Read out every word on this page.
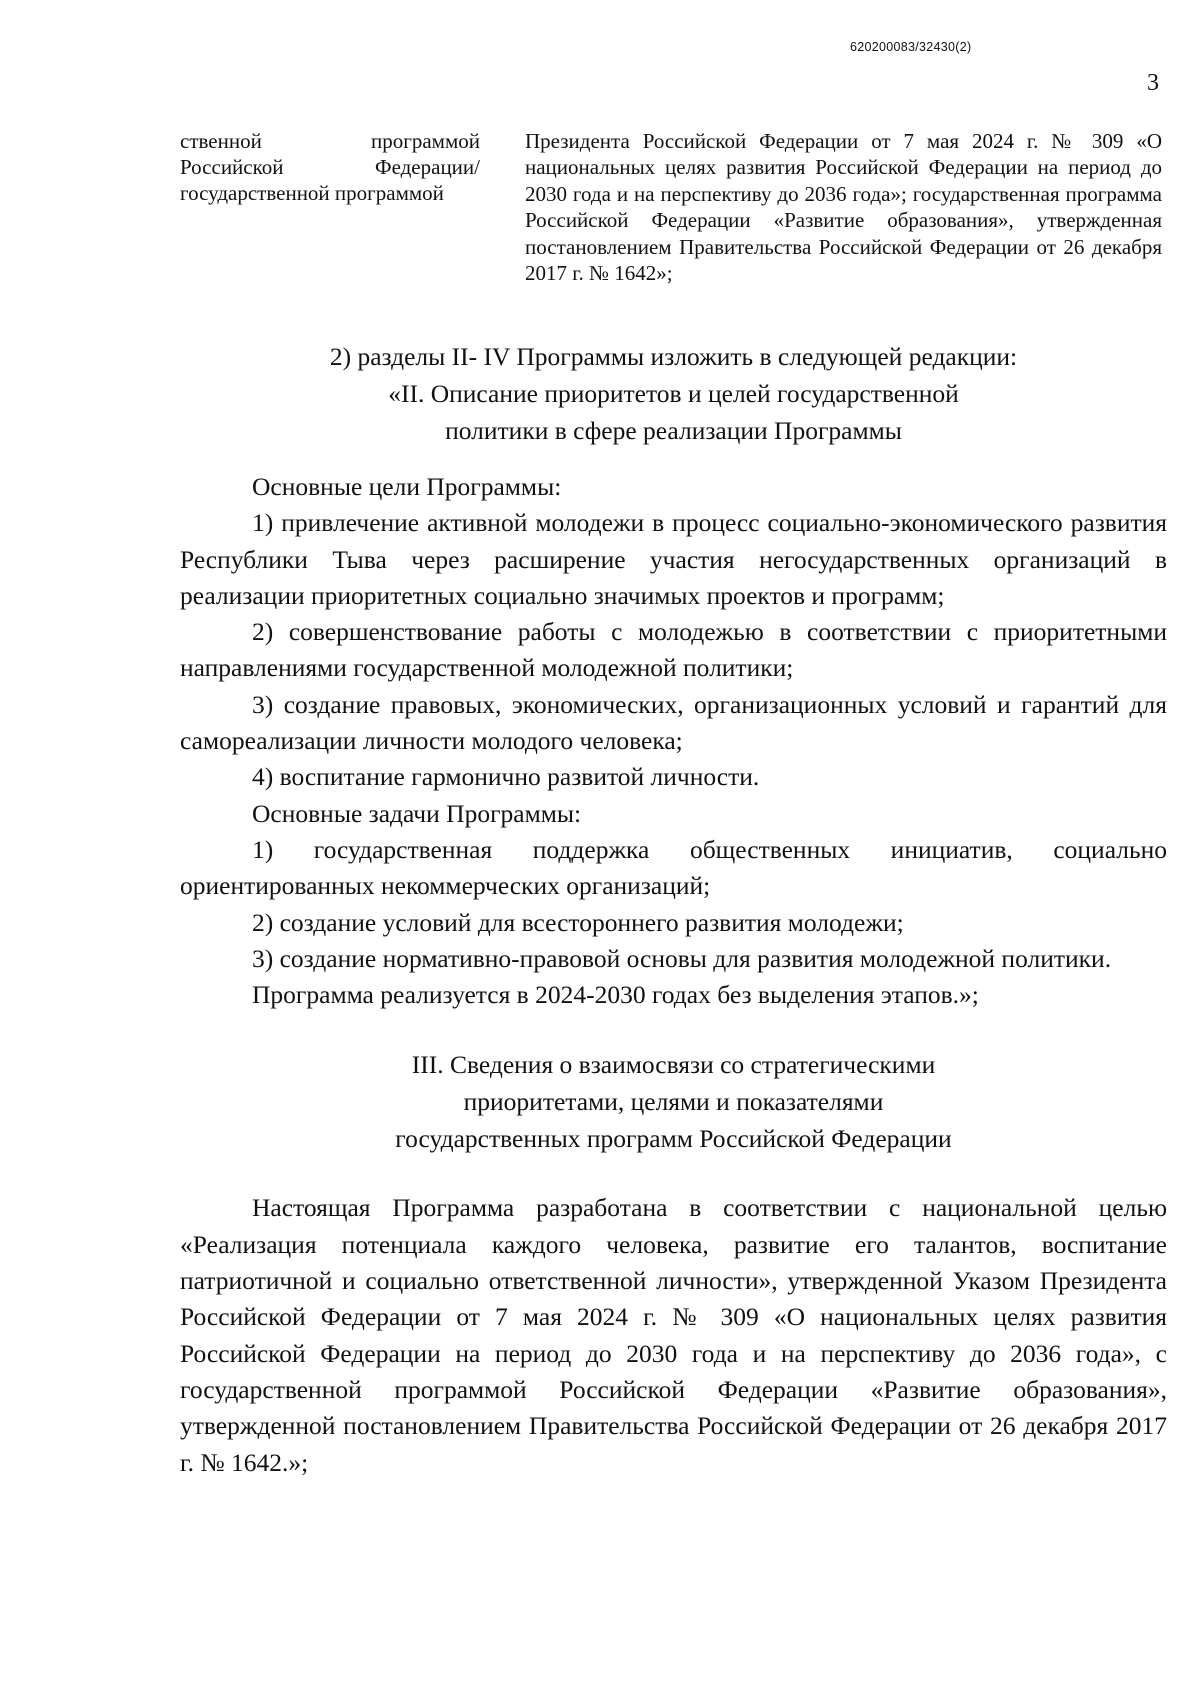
620200083/32430(2)
3
ственной программой Российской Федерации/ государственной программой
Президента Российской Федерации от 7 мая 2024 г. № 309 «О национальных целях развития Российской Федерации на период до 2030 года и на перспективу до 2036 года»; государственная программа Российской Федерации «Развитие образования», утвержденная постановлением Правительства Российской Федерации от 26 декабря 2017 г. № 1642»;

2) разделы II- IV Программы изложить в следующей редакции:

«II. Описание приоритетов и целей государственной

политики в сфере реализации Программы

Основные цели Программы:

1) привлечение активной молодежи в процесс социально-экономического развития Республики Тыва через расширение участия негосударственных организаций в реализации приоритетных социально значимых проектов и программ;

2) совершенствование работы с молодежью в соответствии с приоритетными направлениями государственной молодежной политики;

3) создание правовых, экономических, организационных условий и гарантий для самореализации личности молодого человека;

4) воспитание гармонично развитой личности.

Основные задачи Программы:

1) государственная поддержка общественных инициатив, социально ориентированных некоммерческих организаций;

2) создание условий для всестороннего развития молодежи;

3) создание нормативно-правовой основы для развития молодежной политики.

Программа реализуется в 2024-2030 годах без выделения этапов.»;

III. Сведения о взаимосвязи со стратегическими

приоритетами, целями и показателями

государственных программ Российской Федерации

Настоящая Программа разработана в соответствии с национальной целью «Реализация потенциала каждого человека, развитие его талантов, воспитание патриотичной и социально ответственной личности», утвержденной Указом Президента Российской Федерации от 7 мая 2024 г. № 309 «О национальных целях развития Российской Федерации на период до 2030 года и на перспективу до 2036 года», с государственной программой Российской Федерации «Развитие образования», утвержденной постановлением Правительства Российской Федерации от 26 декабря 2017 г. № 1642.»;
